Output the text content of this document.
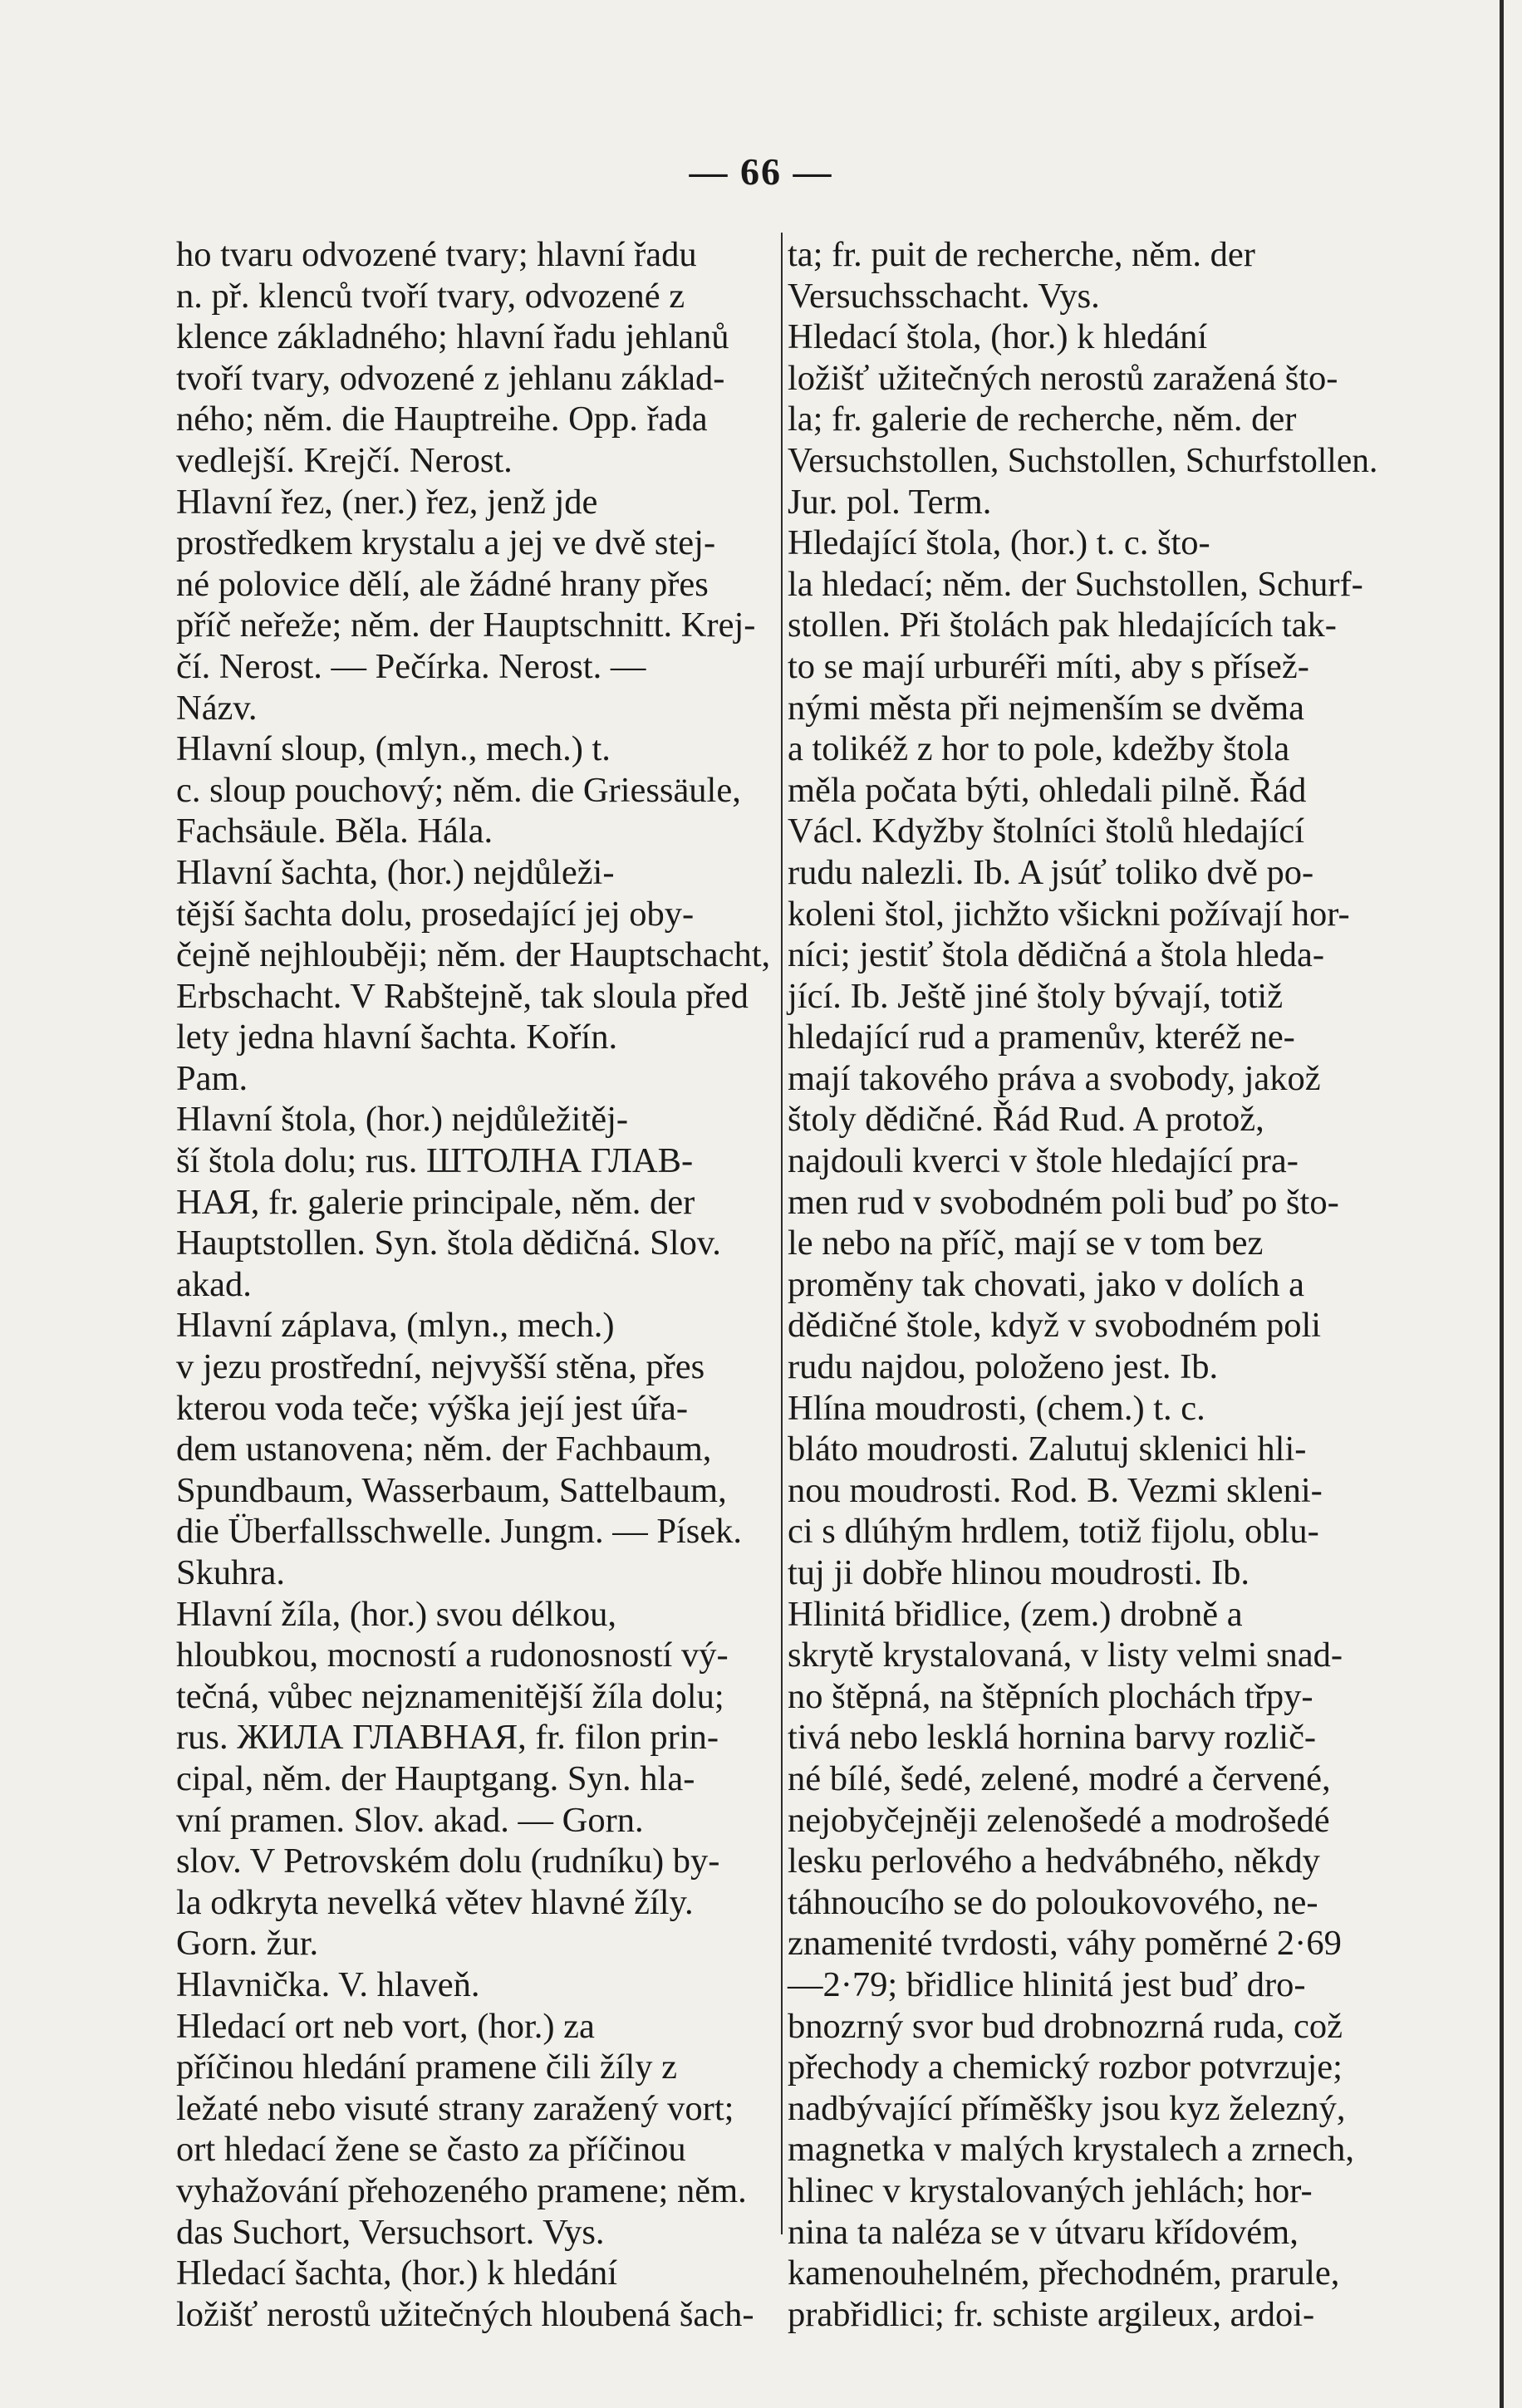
— 66 —
ho tvaru odvozené tvary; hlavní řadu
n. př. klenců tvoří tvary, odvozené z
klence základného; hlavní řadu jehlanů
tvoří tvary, odvozené z jehlanu základ-
ného; něm. die Hauptreihe. Opp. řada
vedlejší. Krejčí. Nerost.
Hlavní řez, (ner.) řez, jenž jde
prostředkem krystalu a jej ve dvě stej-
né polovice dělí, ale žádné hrany přes
příč neřeže; něm. der Hauptschnitt. Krej-
čí. Nerost. — Pečírka. Nerost. —
Názv.
Hlavní sloup, (mlyn., mech.) t.
c. sloup pouchový; něm. die Griessäule,
Fachsäule. Běla. Hála.
Hlavní šachta, (hor.) nejdůleži-
tější šachta dolu, prosedající jej oby-
čejně nejhlouběji; něm. der Hauptschacht,
Erbschacht. V Rabštejně, tak sloula před
lety jedna hlavní šachta. Kořín.
Pam.
Hlavní štola, (hor.) nejdůležitěj-
ší štola dolu; rus. ШТОЛНА ГЛАВ-
НАЯ, fr. galerie principale, něm. der
Hauptstollen. Syn. štola dědičná. Slov.
akad.
Hlavní záplava, (mlyn., mech.)
v jezu prostřední, nejvyšší stěna, přes
kterou voda teče; výška její jest úřa-
dem ustanovena; něm. der Fachbaum,
Spundbaum, Wasserbaum, Sattelbaum,
die Überfallsschwelle. Jungm. — Písek.
Skuhra.
Hlavní žíla, (hor.) svou délkou,
hloubkou, mocností a rudonosností vý-
tečná, vůbec nejznamenitější žíla dolu;
rus. ЖИЛА ГЛАВНАЯ, fr. filon prin-
cipal, něm. der Hauptgang. Syn. hla-
vní pramen. Slov. akad. — Gorn.
slov. V Petrovském dolu (rudníku) by-
la odkryta nevelká větev hlavné žíly.
Gorn. žur.
Hlavnička. V. hlaveň.
Hledací ort neb vort, (hor.) za
příčinou hledání pramene čili žíly z
ležaté nebo visuté strany zaražený vort;
ort hledací žene se často za příčinou
vyhažování přehozeného pramene; něm.
das Suchort, Versuchsort. Vys.
Hledací šachta, (hor.) k hledání
ložišť nerostů užitečných hloubená šach-
ta; fr. puit de recherche, něm. der
Versuchsschacht. Vys.
Hledací štola, (hor.) k hledání
ložišť užitečných nerostů zaražená što-
la; fr. galerie de recherche, něm. der
Versuchstollen, Suchstollen, Schurfstollen.
Jur. pol. Term.
Hledající štola, (hor.) t. c. što-
la hledací; něm. der Suchstollen, Schurf-
stollen. Při štolách pak hledajících tak-
to se mají urburéři míti, aby s přísež-
nými města při nejmenším se dvěma
a tolikéž z hor to pole, kdežby štola
měla počata býti, ohledali pilně. Řád
Václ. Kdyžby štolníci štolů hledající
rudu nalezli. Ib. A jsúť toliko dvě po-
koleni štol, jichžto všickni požívají hor-
níci; jestiť štola dědičná a štola hleda-
jící. Ib. Ještě jiné štoly bývají, totiž
hledající rud a pramenův, kteréž ne-
mají takového práva a svobody, jakož
štoly dědičné. Řád Rud. A protož,
najdouli kverci v štole hledající pra-
men rud v svobodném poli buď po što-
le nebo na příč, mají se v tom bez
proměny tak chovati, jako v dolích a
dědičné štole, když v svobodném poli
rudu najdou, položeno jest. Ib.
Hlína moudrosti, (chem.) t. c.
bláto moudrosti. Zalutuj sklenici hli-
nou moudrosti. Rod. B. Vezmi skleni-
ci s dlúhým hrdlem, totiž fijolu, oblu-
tuj ji dobře hlinou moudrosti. Ib.
Hlinitá břidlice, (zem.) drobně a
skrytě krystalovaná, v listy velmi snad-
no štěpná, na štěpních plochách třpy-
tivá nebo lesklá hornina barvy rozlič-
né bílé, šedé, zelené, modré a červené,
nejobyčejněji zelenošedé a modrošedé
lesku perlového a hedvábného, někdy
táhnoucího se do poloukovového, ne-
znamenité tvrdosti, váhy poměrné 2·69
—2·79; břidlice hlinitá jest buď dro-
bnozrný svor bud drobnozrná ruda, což
přechody a chemický rozbor potvrzuje;
nadbývající příměšky jsou kyz železný,
magnetka v malých krystalech a zrnech,
hlinec v krystalovaných jehlách; hor-
nina ta naléza se v útvaru křídovém,
kamenouhelném, přechodném, prarule,
prabřidlici; fr. schiste argileux, ardoi-
